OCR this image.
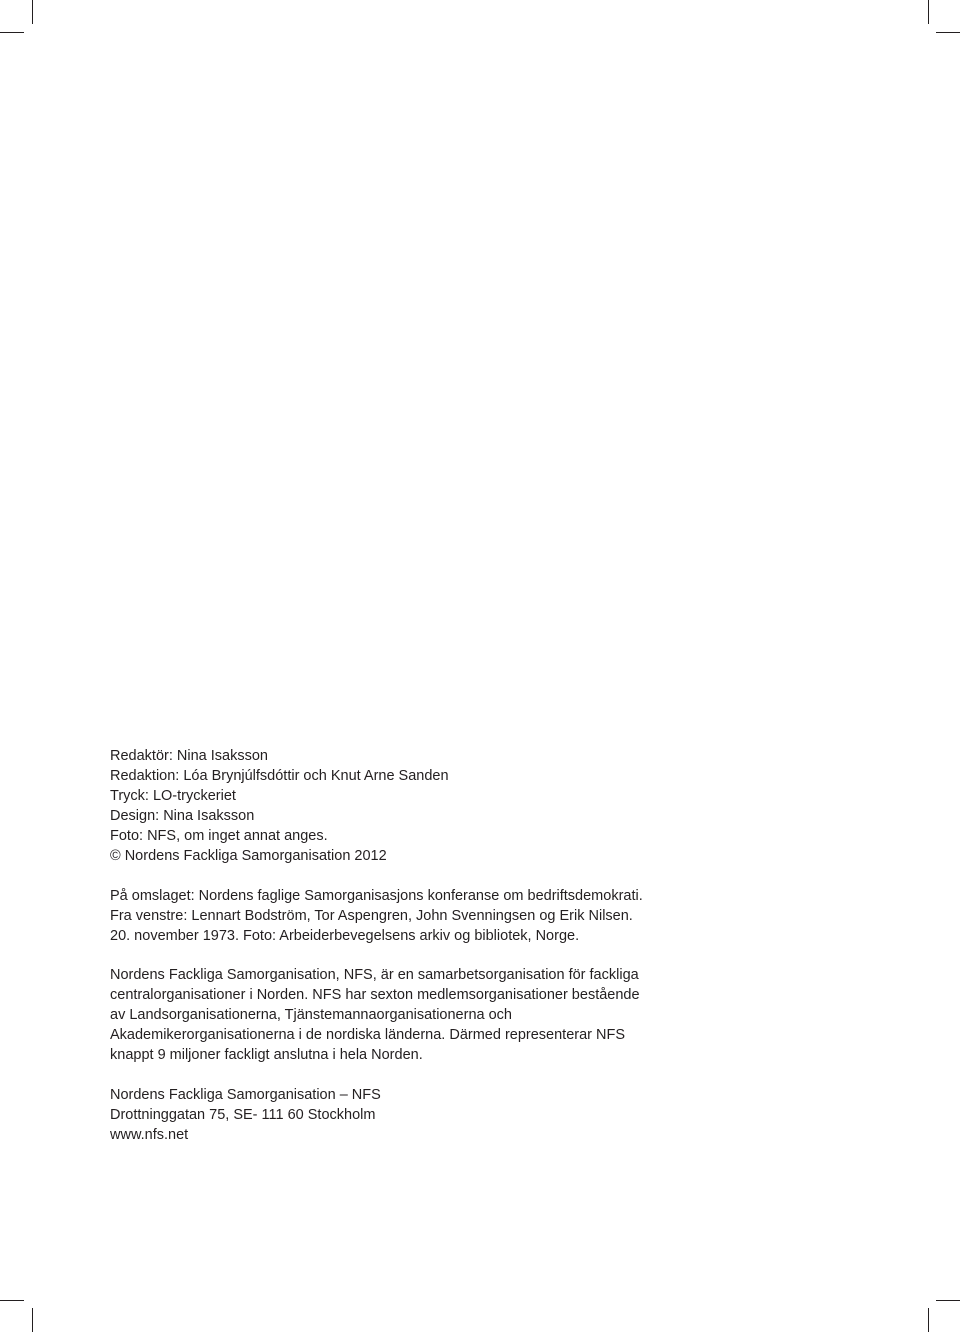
Redaktör: Nina Isaksson
Redaktion: Lóa Brynjúlfsdóttir och Knut Arne Sanden
Tryck: LO-tryckeriet
Design: Nina Isaksson
Foto: NFS, om inget annat anges.
© Nordens Fackliga Samorganisation 2012
På omslaget: Nordens faglige Samorganisasjons konferanse om bedriftsdemokrati.
Fra venstre: Lennart Bodström, Tor Aspengren, John Svenningsen og Erik Nilsen.
20. november 1973. Foto: Arbeiderbevegelsens arkiv og bibliotek, Norge.
Nordens Fackliga Samorganisation, NFS, är en samarbetsorganisation för fackliga
centralorganisationer i Norden. NFS har sexton medlemsorganisationer bestående
av Landsorganisationerna, Tjänstemannaorganisationerna och
Akademikerorganisationerna i de nordiska länderna. Därmed representerar NFS
knappt 9 miljoner fackligt anslutna i hela Norden.
Nordens Fackliga Samorganisation – NFS
Drottninggatan 75, SE- 111 60 Stockholm
www.nfs.net
